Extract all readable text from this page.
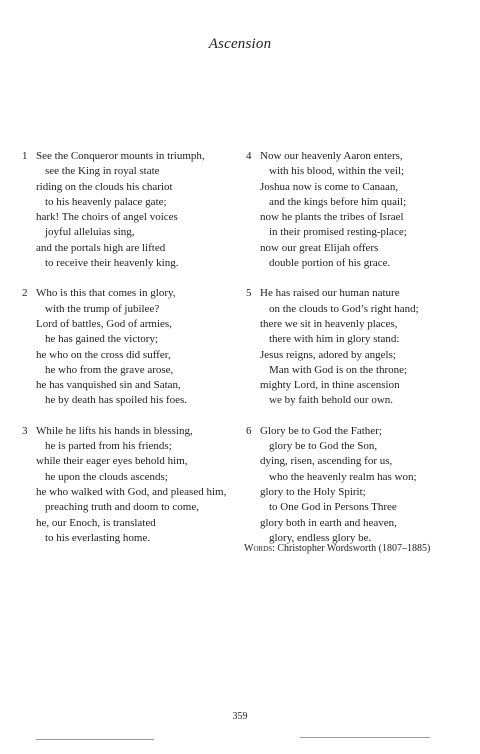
Ascension
1 See the Conqueror mounts in triumph,
see the King in royal state
riding on the clouds his chariot
to his heavenly palace gate;
hark! The choirs of angel voices
joyful alleluias sing,
and the portals high are lifted
to receive their heavenly king.
2 Who is this that comes in glory,
with the trump of jubilee?
Lord of battles, God of armies,
he has gained the victory;
he who on the cross did suffer,
he who from the grave arose,
he has vanquished sin and Satan,
he by death has spoiled his foes.
3 While he lifts his hands in blessing,
he is parted from his friends;
while their eager eyes behold him,
he upon the clouds ascends;
he who walked with God, and pleased him,
preaching truth and doom to come,
he, our Enoch, is translated
to his everlasting home.
4 Now our heavenly Aaron enters,
with his blood, within the veil;
Joshua now is come to Canaan,
and the kings before him quail;
now he plants the tribes of Israel
in their promised resting-place;
now our great Elijah offers
double portion of his grace.
5 He has raised our human nature
on the clouds to God’s right hand;
there we sit in heavenly places,
there with him in glory stand:
Jesus reigns, adored by angels;
Man with God is on the throne;
mighty Lord, in thine ascension
we by faith behold our own.
6 Glory be to God the Father;
glory be to God the Son,
dying, risen, ascending for us,
who the heavenly realm has won;
glory to the Holy Spirit;
to One God in Persons Three
glory both in earth and heaven,
glory, endless glory be.
Words: Christopher Wordsworth (1807–1885)
359
